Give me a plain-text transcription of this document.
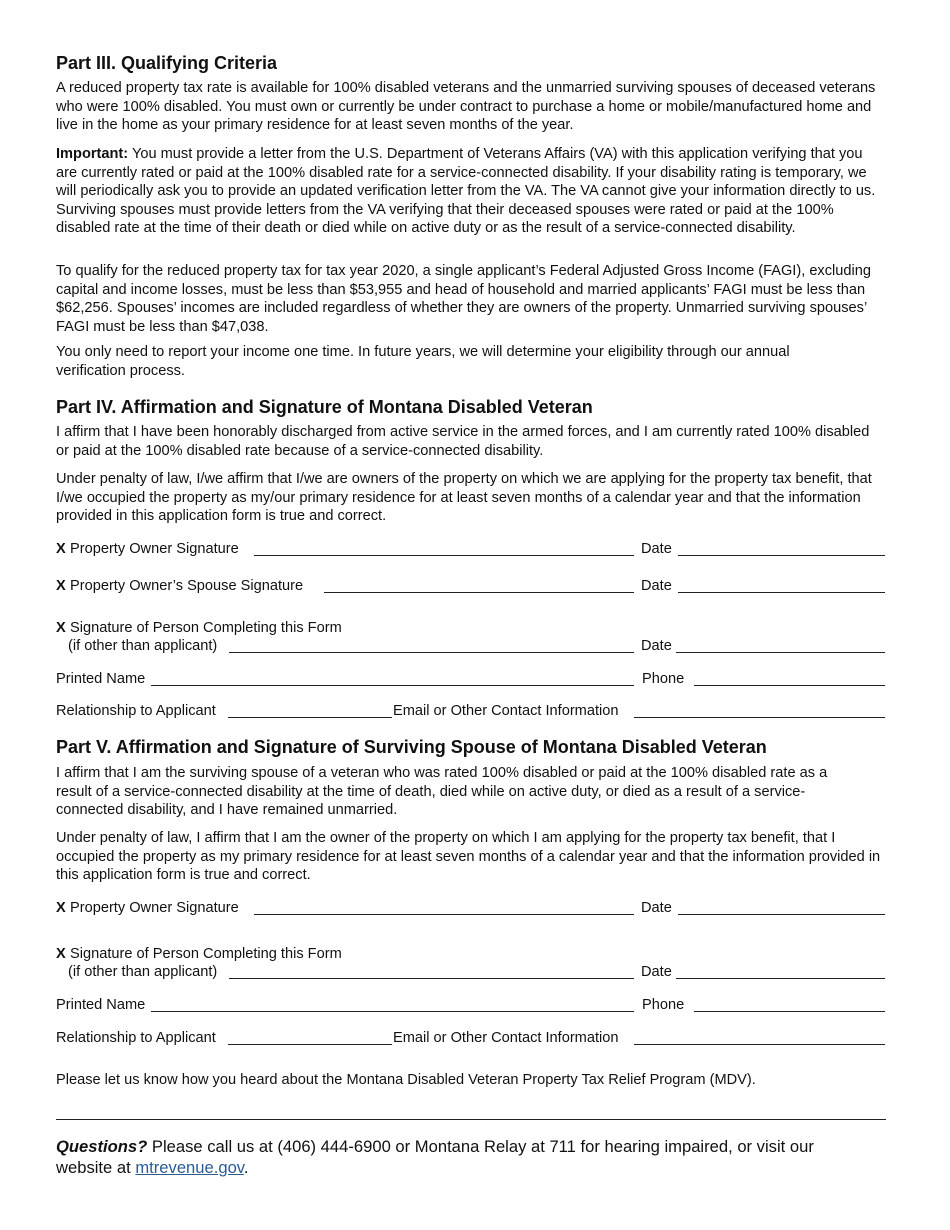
Part III. Qualifying Criteria

A reduced property tax rate is available for 100% disabled veterans and the unmarried surviving spouses of deceased veterans who were 100% disabled. You must own or currently be under contract to purchase a home or mobile/manufactured home and live in the home as your primary residence for at least seven months of the year.

Important: You must provide a letter from the U.S. Department of Veterans Affairs (VA) with this application verifying that you are currently rated or paid at the 100% disabled rate for a service-connected disability. If your disability rating is temporary, we will periodically ask you to provide an updated verification letter from the VA. The VA cannot give your information directly to us. Surviving spouses must provide letters from the VA verifying that their deceased spouses were rated or paid at the 100% disabled rate at the time of their death or died while on active duty or as the result of a service-connected disability.

To qualify for the reduced property tax for tax year 2020, a single applicant’s Federal Adjusted Gross Income (FAGI), excluding capital and income losses, must be less than $53,955 and head of household and married applicants’ FAGI must be less than $62,256. Spouses’ incomes are included regardless of whether they are owners of the property. Unmarried surviving spouses’ FAGI must be less than $47,038.

You only need to report your income one time. In future years, we will determine your eligibility through our annual verification process.

Part IV. Affirmation and Signature of Montana Disabled Veteran

I affirm that I have been honorably discharged from active service in the armed forces, and I am currently rated 100% disabled or paid at the 100% disabled rate because of a service-connected disability.

Under penalty of law, I/we affirm that I/we are owners of the property on which we are applying for the property tax benefit, that I/we occupied the property as my/our primary residence for at least seven months of a calendar year and that the information provided in this application form is true and correct.

X Property Owner Signature	Date
X Property Owner’s Spouse Signature	Date
X Signature of Person Completing this Form
(if other than applicant)	Date
Printed Name	Phone
Relationship to Applicant	Email or Other Contact Information
Part V. Affirmation and Signature of Surviving Spouse of Montana Disabled Veteran

I affirm that I am the surviving spouse of a veteran who was rated 100% disabled or paid at the 100% disabled rate as a result of a service-connected disability at the time of death, died while on active duty, or died as a result of a service-connected disability, and I have remained unmarried.

Under penalty of law, I affirm that I am the owner of the property on which I am applying for the property tax benefit, that I occupied the property as my primary residence for at least seven months of a calendar year and that the information provided in this application form is true and correct.

X Property Owner Signature	Date
X Signature of Person Completing this Form
(if other than applicant)	Date
Printed Name	Phone
Relationship to Applicant	Email or Other Contact Information

Please let us know how you heard about the Montana Disabled Veteran Property Tax Relief Program (MDV).

Questions? Please call us at (406) 444-6900 or Montana Relay at 711 for hearing impaired, or visit our
website at mtrevenue.gov.
